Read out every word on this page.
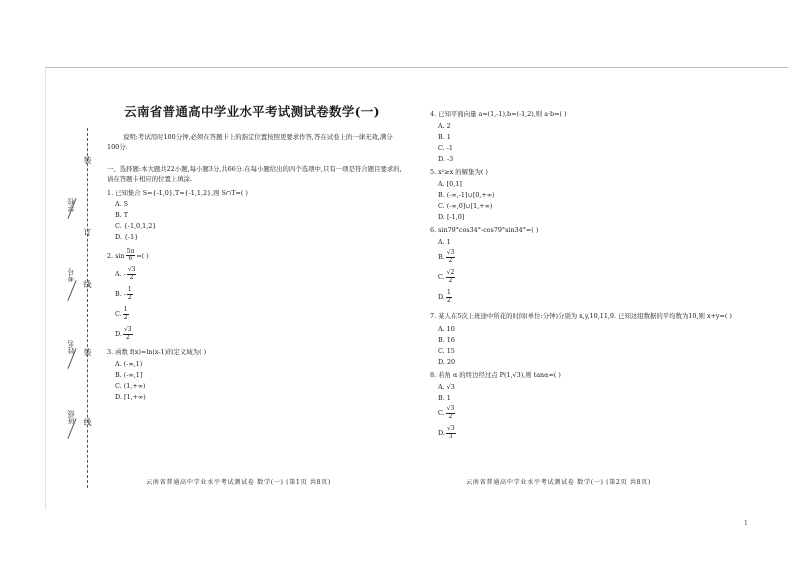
装
订
线
装
线
学校
考号
姓名
班级
云南省普通高中学业水平考试测试卷数学(一)
说明:考试用时100分钟,必须在答题卡上的指定位置按照更要求作答,答在试卷上的一律无效,满分100分.
一、选择题:本大题共22小题,每小题3分,共66分.在每小题给出的四个选项中,只有一项是符合题目要求的,请在答题卡相应的位置上填涂.
1. 已知集合 S={-1,0},T={-1,1,2},则 S∩T=( )
A. S
B. T
C. {-1,0,1,2}
D. {-1}
2. $\sin \frac{5\pi}{6}$ =( )
A. - $\frac{√3}{2}$
B. - $\frac{1}{2}$
C. $\frac{1}{2}$
D. $\frac{√3}{2}$
3. 函数 f(x)=ln(x-1)的定义域为( )
A. (-∞,1)
B. (-∞,1]
C. (1,+∞)
D. [1,+∞)
4. 已知平面向量 a=(1,-1),b=(-1,2),则 a·b=( )
A. 2
B. 1
C. -1
D. -3
5. x²≥x 的解集为( )
A. [0,1]
B. (-∞,-1]∪[0,+∞)
C. (-∞,0]∪[1,+∞)
D. [-1,0]
6. sin79°cos34°-cos79°sin34°=( )
A. 1
B. $\frac{√3}{2}$
C. $\frac{√2}{2}$
D. $\frac{1}{2}$
7. 某人在5次上班途中所花的时间(单位:分钟)分别为 x,y,10,11,9. 已知这组数据的平均数为10,则 x+y=( )
A. 10
B. 16
C. 15
D. 20
8. 若角 α 的终边经过点 P(1,√3),则 tanα=( )
A. √3
B. 1
C. $\frac{√3}{2}$
D. $\frac{√3}{3}$
云南省普通高中学业水平考试测试卷 数学(一) (第1页 共8页)	云南省普通高中学业水平考试测试卷 数学(一) (第2页 共8页)
1
